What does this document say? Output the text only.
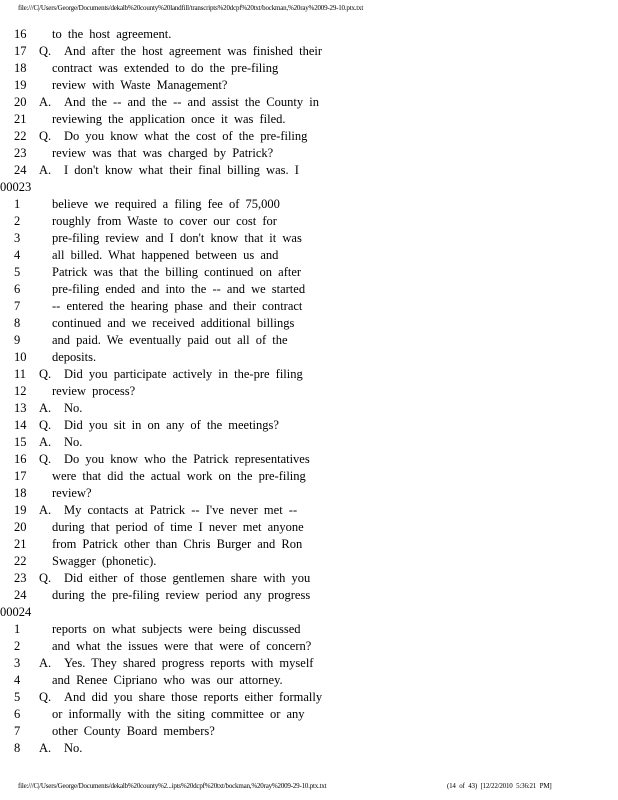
file:///C|/Users/George/Documents/dekalb%20county%20landfill/transcripts%20dcpf%20txt/bockman,%20ray%2009-29-10.ptx.txt
16	to the host agreement.
17	Q. And after the host agreement was finished their
18	contract was extended to do the pre-filing
19	review with Waste Management?
20	A. And the -- and the -- and assist the County in
21	reviewing the application once it was filed.
22	Q. Do you know what the cost of the pre-filing
23	review was that was charged by Patrick?
24	A. I don't know what their final billing was. I
00023
1	believe we required a filing fee of 75,000
2	roughly from Waste to cover our cost for
3	pre-filing review and I don't know that it was
4	all billed. What happened between us and
5	Patrick was that the billing continued on after
6	pre-filing ended and into the -- and we started
7	-- entered the hearing phase and their contract
8	continued and we received additional billings
9	and paid. We eventually paid out all of the
10	deposits.
11	Q. Did you participate actively in the-pre filing
12	review process?
13	A. No.
14	Q. Did you sit in on any of the meetings?
15	A. No.
16	Q. Do you know who the Patrick representatives
17	were that did the actual work on the pre-filing
18	review?
19	A. My contacts at Patrick -- I've never met --
20	during that period of time I never met anyone
21	from Patrick other than Chris Burger and Ron
22	Swagger (phonetic).
23	Q. Did either of those gentlemen share with you
24	during the pre-filing review period any progress
00024
1	reports on what subjects were being discussed
2	and what the issues were that were of concern?
3	A. Yes. They shared progress reports with myself
4	and Renee Cipriano who was our attorney.
5	Q. And did you share those reports either formally
6	or informally with the siting committee or any
7	other County Board members?
8	A. No.
file:///C|/Users/George/Documents/dekalb%20county%2...ipts%20dcpf%20txt/bockman,%20ray%2009-29-10.ptx.txt	(14 of 43) [12/22/2010 5:36:21 PM]
